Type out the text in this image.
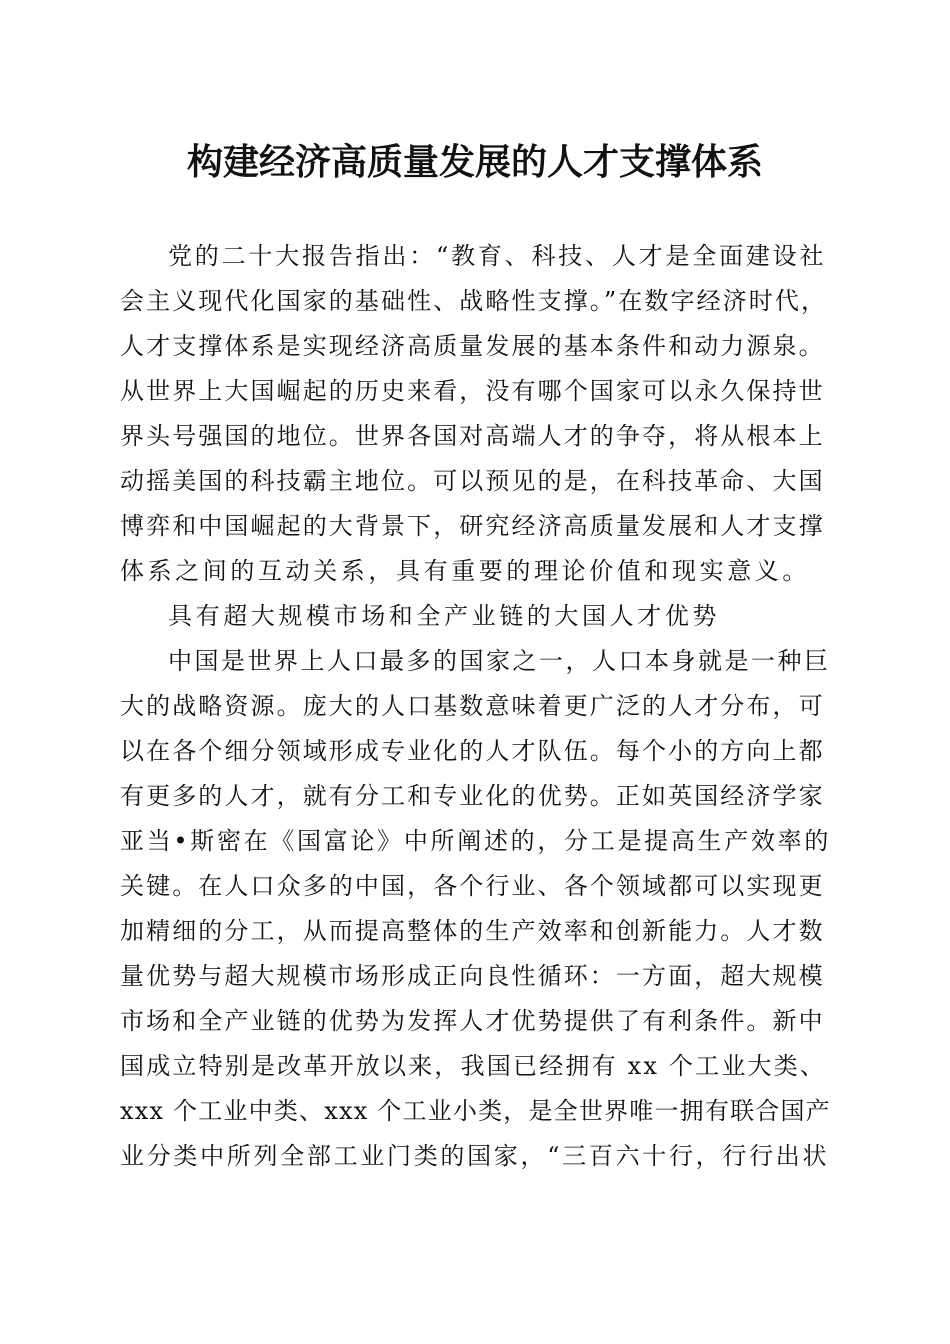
构建经济高质量发展的人才支撑体系
党的二十大报告指出：“教育、科技、人才是全面建设社
会主义现代化国家的基础性、战略性支撑。”在数字经济时代，
人才支撑体系是实现经济高质量发展的基本条件和动力源泉。
从世界上大国崛起的历史来看，没有哪个国家可以永久保持世
界头号强国的地位。世界各国对高端人才的争夺，将从根本上
动摇美国的科技霸主地位。可以预见的是，在科技革命、大国
博弈和中国崛起的大背景下，研究经济高质量发展和人才支撑
体系之间的互动关系，具有重要的理论价值和现实意义。
具有超大规模市场和全产业链的大国人才优势
中国是世界上人口最多的国家之一，人口本身就是一种巨
大的战略资源。庞大的人口基数意味着更广泛的人才分布，可
以在各个细分领域形成专业化的人才队伍。每个小的方向上都
有更多的人才，就有分工和专业化的优势。正如英国经济学家
亚当•斯密在《国富论》中所阐述的，分工是提高生产效率的
关键。在人口众多的中国，各个行业、各个领域都可以实现更
加精细的分工，从而提高整体的生产效率和创新能力。人才数
量优势与超大规模市场形成正向良性循环：一方面，超大规模
市场和全产业链的优势为发挥人才优势提供了有利条件。新中
国成立特别是改革开放以来，我国已经拥有 xx 个工业大类、
xxx 个工业中类、xxx 个工业小类，是全世界唯一拥有联合国产
业分类中所列全部工业门类的国家，“三百六十行，行行出状
